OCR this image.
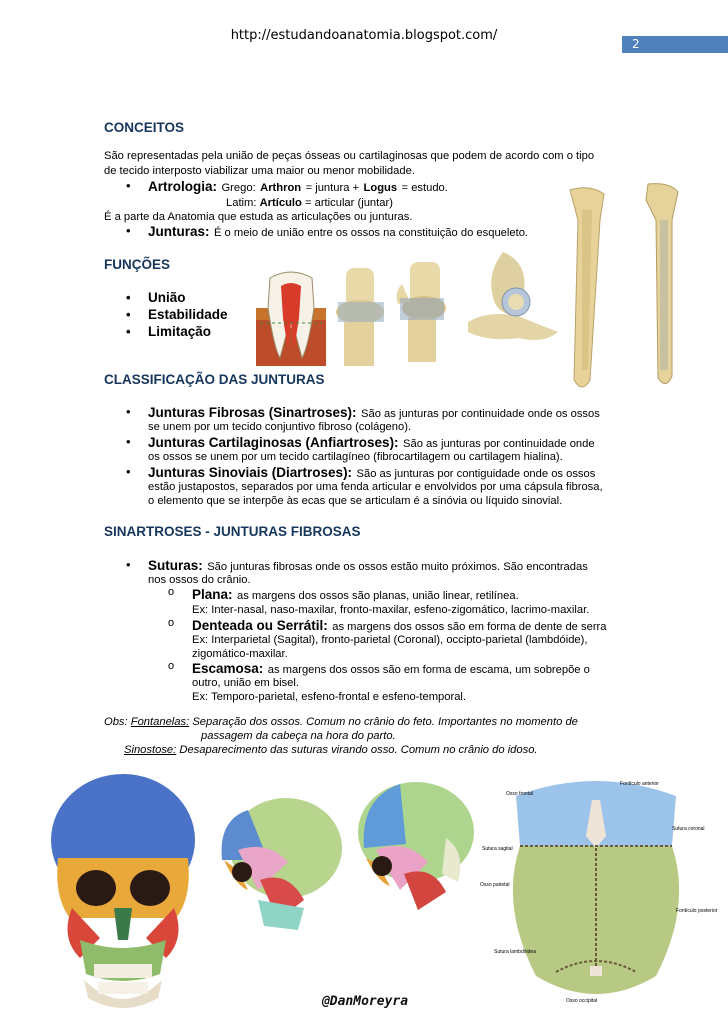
http://estudandoanatomia.blogspot.com/
2
CONCEITOS
São representadas pela união de peças ósseas ou cartilaginosas que podem de acordo com o tipo
de tecido interposto viabilizar uma maior ou menor mobilidade.
• Artrologia: Grego: Arthron = juntura + Logus = estudo.
Latim: Artículo = articular (juntar)
É a parte da Anatomia que estuda as articulações ou junturas.
• Junturas: É o meio de união entre os ossos na constituição do esqueleto.
FUNÇÕES
• União
• Estabilidade
• Limitação
CLASSIFICAÇÃO DAS JUNTURAS
• Junturas Fibrosas (Sinartroses): São as junturas por continuidade onde os ossos
se unem por um tecido conjuntivo fibroso (colágeno).
• Junturas Cartilaginosas (Anfiartroses): São as junturas por continuidade onde
os ossos se unem por um tecido cartilagíneo (fibrocartilagem ou cartilagem hialina).
• Junturas Sinoviais (Diartroses): São as junturas por contiguidade onde os ossos
estão justapostos, separados por uma fenda articular e envolvidos por uma cápsula fibrosa,
o elemento que se interpõe às ecas que se articulam é a sinóvia ou líquido sinovial.
SINARTROSES - JUNTURAS FIBROSAS
• Suturas: São junturas fibrosas onde os ossos estão muito próximos. São encontradas
nos ossos do crânio.
o Plana: as margens dos ossos são planas, união linear, retilínea.
Ex: Inter-nasal, naso-maxilar, fronto-maxilar, esfeno-zigomático, lacrimo-maxilar.
o Denteada ou Serrátil: as margens dos ossos são em forma de dente de serra
Ex: Interparietal (Sagital), fronto-parietal (Coronal), occipto-parietal (lambdóide),
zigomático-maxilar.
o Escamosa: as margens dos ossos são em forma de escama, um sobrepõe o
outro, união em bisel.
Ex: Temporo-parietal, esfeno-frontal e esfeno-temporal.
Obs: Fontanelas: Separação dos ossos. Comum no crânio do feto. Importantes no momento de
passagem da cabeça na hora do parto.
Sinostose: Desaparecimento das suturas virando osso. Comum no crânio do idoso.
Fontículo anterior
Osso frontal
Sutura coronal
Sutura sagital
Osso parietal
Fontículo posterior
Sutura lambdóidea
Osso occipital
@DanMoreyra
